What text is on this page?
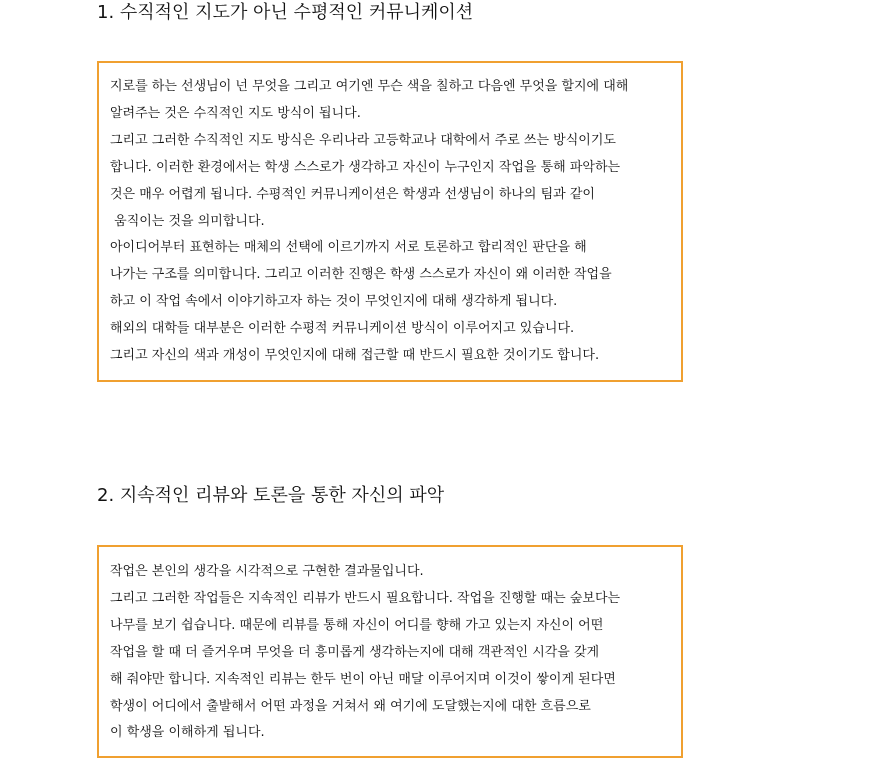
1. 수직적인 지도가 아닌 수평적인 커뮤니케이션

지로를 하는 선생님이 넌 무엇을 그리고 여기엔 무슨 색을 칠하고 다음엔 무엇을 할지에 대해

알려주는 것은 수직적인 지도 방식이 됩니다.

그리고 그러한 수직적인 지도 방식은 우리나라 고등학교나 대학에서 주로 쓰는 방식이기도

합니다. 이러한 환경에서는 학생 스스로가 생각하고 자신이 누구인지 작업을 통해 파악하는

것은 매우 어렵게 됩니다. 수평적인 커뮤니케이션은 학생과 선생님이 하나의 팀과 같이

움직이는 것을 의미합니다.

아이디어부터 표현하는 매체의 선택에 이르기까지 서로 토론하고 합리적인 판단을 해

나가는 구조를 의미합니다. 그리고 이러한 진행은 학생 스스로가 자신이 왜 이러한 작업을

하고 이 작업 속에서 이야기하고자 하는 것이 무엇인지에 대해 생각하게 됩니다.

해외의 대학들 대부분은 이러한 수평적 커뮤니케이션 방식이 이루어지고 있습니다.

그리고 자신의 색과 개성이 무엇인지에 대해 접근할 때 반드시 필요한 것이기도 합니다.

2. 지속적인 리뷰와 토론을 통한 자신의 파악

작업은 본인의 생각을 시각적으로 구현한 결과물입니다.

그리고 그러한 작업들은 지속적인 리뷰가 반드시 필요합니다. 작업을 진행할 때는 숲보다는

나무를 보기 쉽습니다. 때문에 리뷰를 통해 자신이 어디를 향해 가고 있는지 자신이 어떤

작업을 할 때 더 즐거우며 무엇을 더 흥미롭게 생각하는지에 대해 객관적인 시각을 갖게

해 줘야만 합니다. 지속적인 리뷰는 한두 번이 아닌 매달 이루어지며 이것이 쌓이게 된다면

학생이 어디에서 출발해서 어떤 과정을 거쳐서 왜 여기에 도달했는지에 대한 흐름으로

이 학생을 이해하게 됩니다.
